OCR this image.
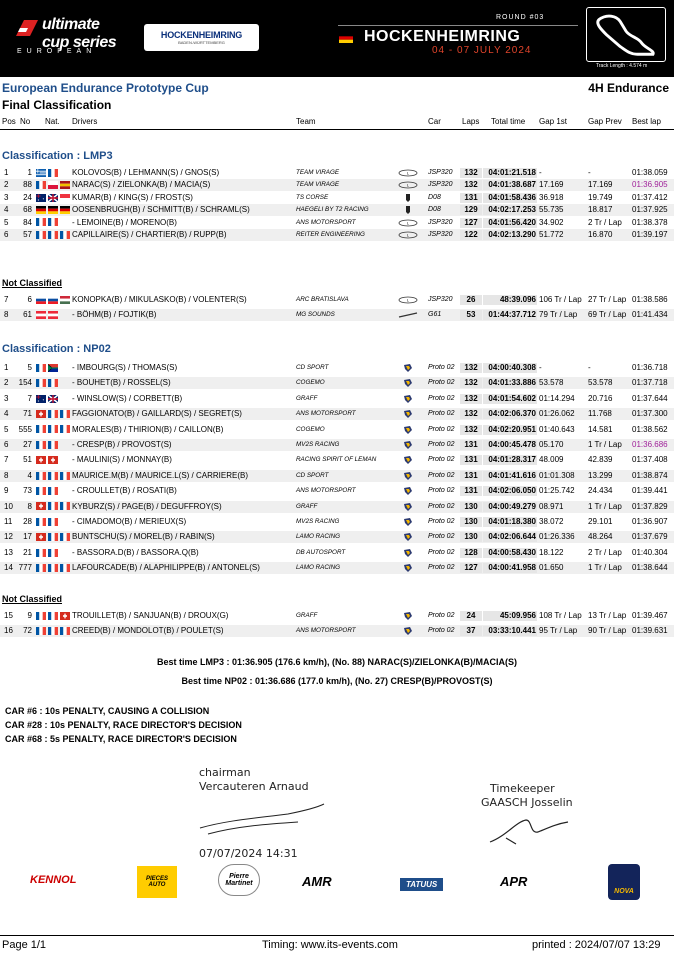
ultimate cup series
EUROPEAN
HOCKENHEIMRING
BADEN-WÜRTTEMBERG
ROUND #03
HOCKENHEIMRING
04 - 07 JULY 2024
Track Length : 4.574 m
European Endurance Prototype Cup
Final Classification
4H Endurance
Pos No Nat. Drivers	Team	Car	Laps Total time Gap 1st	Gap Prev Best lap
Classification : LMP3
1	1	KOLOVOS(B) / LEHMANN(S) / GNOS(S)	TEAM VIRAGE	L	JSP320	132	04:01:21.518 -	-	01:38.059
2	88	NARAC(S) / ZIELONKA(B) / MACIA(S)	TEAM VIRAGE	L	JSP320	132	04:01:38.687 17.169	17.169 01:36.905
3	24	KUMAR(B) / KING(S) / FROST(S)	TS CORSE	D08	131	04:01:58.436 36.918	19.749 01:37.412
4	68	OOSENBRUGH(B) / SCHMITT(B) / SCHRAML(S)	HAEGELI BY T2 RACING	D08	129	04:02:17.253 55.735	18.817 01:37.925
5	84	- LEMOINE(B) / MORENO(B)	ANS MOTORSPORT	L	JSP320	127	04:01:56.420 34.902	2 Tr / Lap 01:38.378
6	57	CAPILLAIRE(S) / CHARTIER(B) / RUPP(B)	REITER ENGINEERING	L	JSP320	122	04:02:13.290 51.772	16.870 01:39.197
Not Classified
7	6	KONOPKA(B) / MIKULASKO(B) / VOLENTER(S)	ARC BRATISLAVA	L	JSP320	26	48:39.096 106 Tr / Lap 27 Tr / Lap 01:38.586
8	61	- BÖHM(B) / FOJTIK(B)	MG SOUNDS	G61	53	01:44:37.712 79 Tr / Lap 69 Tr / Lap 01:41.434
Classification : NP02
1	5	- IMBOURG(S) / THOMAS(S)	CD SPORT	Proto 02	132	04:00:40.308 -	-	01:36.718
2	154	- BOUHET(B) / ROSSEL(S)	COGEMO	Proto 02	132	04:01:33.886 53.578	53.578 01:37.718
3	7	- WINSLOW(S) / CORBETT(B)	GRAFF	Proto 02	132	04:01:54.602 01:14.294 20.716 01:37.644
4	71	FAGGIONATO(B) / GAILLARD(S) / SEGRET(S)	ANS MOTORSPORT	Proto 02	132	04:02:06.370 01:26.062 11.768	01:37.300
5	555	MORALES(B) / THIRION(B) / CAILLON(B)	COGEMO	Proto 02	132	04:02:20.951 01:40.643 14.581 01:38.562
6	27	- CRESP(B) / PROVOST(S)	MV2S RACING	Proto 02	131	04:00:45.478 05.170	1 Tr / Lap 01:36.686
7	51	- MAULINI(S) / MONNAY(B)	RACING SPIRIT OF LEMAN	Proto 02	131	04:01:28.317 48.009	42.839 01:37.408
8	4	MAURICE.M(B) / MAURICE.L(S) / CARRIERE(B)	CD SPORT	Proto 02	131	04:01:41.616 01:01.308 13.299 01:38.874
9	73	- CROULLET(B) / ROSATI(B)	ANS MOTORSPORT	Proto 02	131	04:02:06.050 01:25.742 24.434 01:39.441
10	8	KYBURZ(S) / PAGE(B) / DEGUFFROY(S)	GRAFF	Proto 02	130	04:00:49.279 08.971	1 Tr / Lap 01:37.829
11	28	- CIMADOMO(B) / MERIEUX(S)	MV2S RACING	Proto 02	130	04:01:18.380 38.072	29.101 01:36.907
12	17	BUNTSCHU(S) / MOREL(B) / RABIN(S)	LAMO RACING	Proto 02	130	04:02:06.644 01:26.336 48.264 01:37.679
13	21	- BASSORA.D(B) / BASSORA.Q(B)	DB AUTOSPORT	Proto 02	128	04:00:58.430 18.122	2 Tr / Lap 01:40.304
14 777	LAFOURCADE(B) / ALAPHILIPPE(B) / ANTONEL(S)	LAMO RACING	Proto 02	127	04:00:41.958 01.650	1 Tr / Lap 01:38.644
Not Classified
15	9	TROUILLET(B) / SANJUAN(B) / DROUX(G)	GRAFF	Proto 02	24	45:09.956 108 Tr / Lap 13 Tr / Lap 01:39.467
16	72	CREED(B) / MONDOLOT(B) / POULET(S)	ANS MOTORSPORT	Proto 02	37	03:33:10.441 95 Tr / Lap 90 Tr / Lap 01:39.631
Best time LMP3 : 01:36.905 (176.6 km/h), (No. 88) NARAC(S)/ZIELONKA(B)/MACIA(S)
Best time NP02 : 01:36.686 (177.0 km/h), (No. 27) CRESP(B)/PROVOST(S)
CAR #6 : 10s PENALTY, CAUSING A COLLISION
CAR #28 : 10s PENALTY, RACE DIRECTOR'S DECISION
CAR #68 : 5s PENALTY, RACE DIRECTOR'S DECISION
chairman
Vercauteren Arnaud
07/07/2024 14:31
Timekeeper
GAASCH Josselin
KENNOL	PIECES AUTO
Pierre Martinet	AMR	TATUUS	APR
NOVA
Page 1/1	Timing: www.its-events.com	printed : 2024/07/07 13:29
